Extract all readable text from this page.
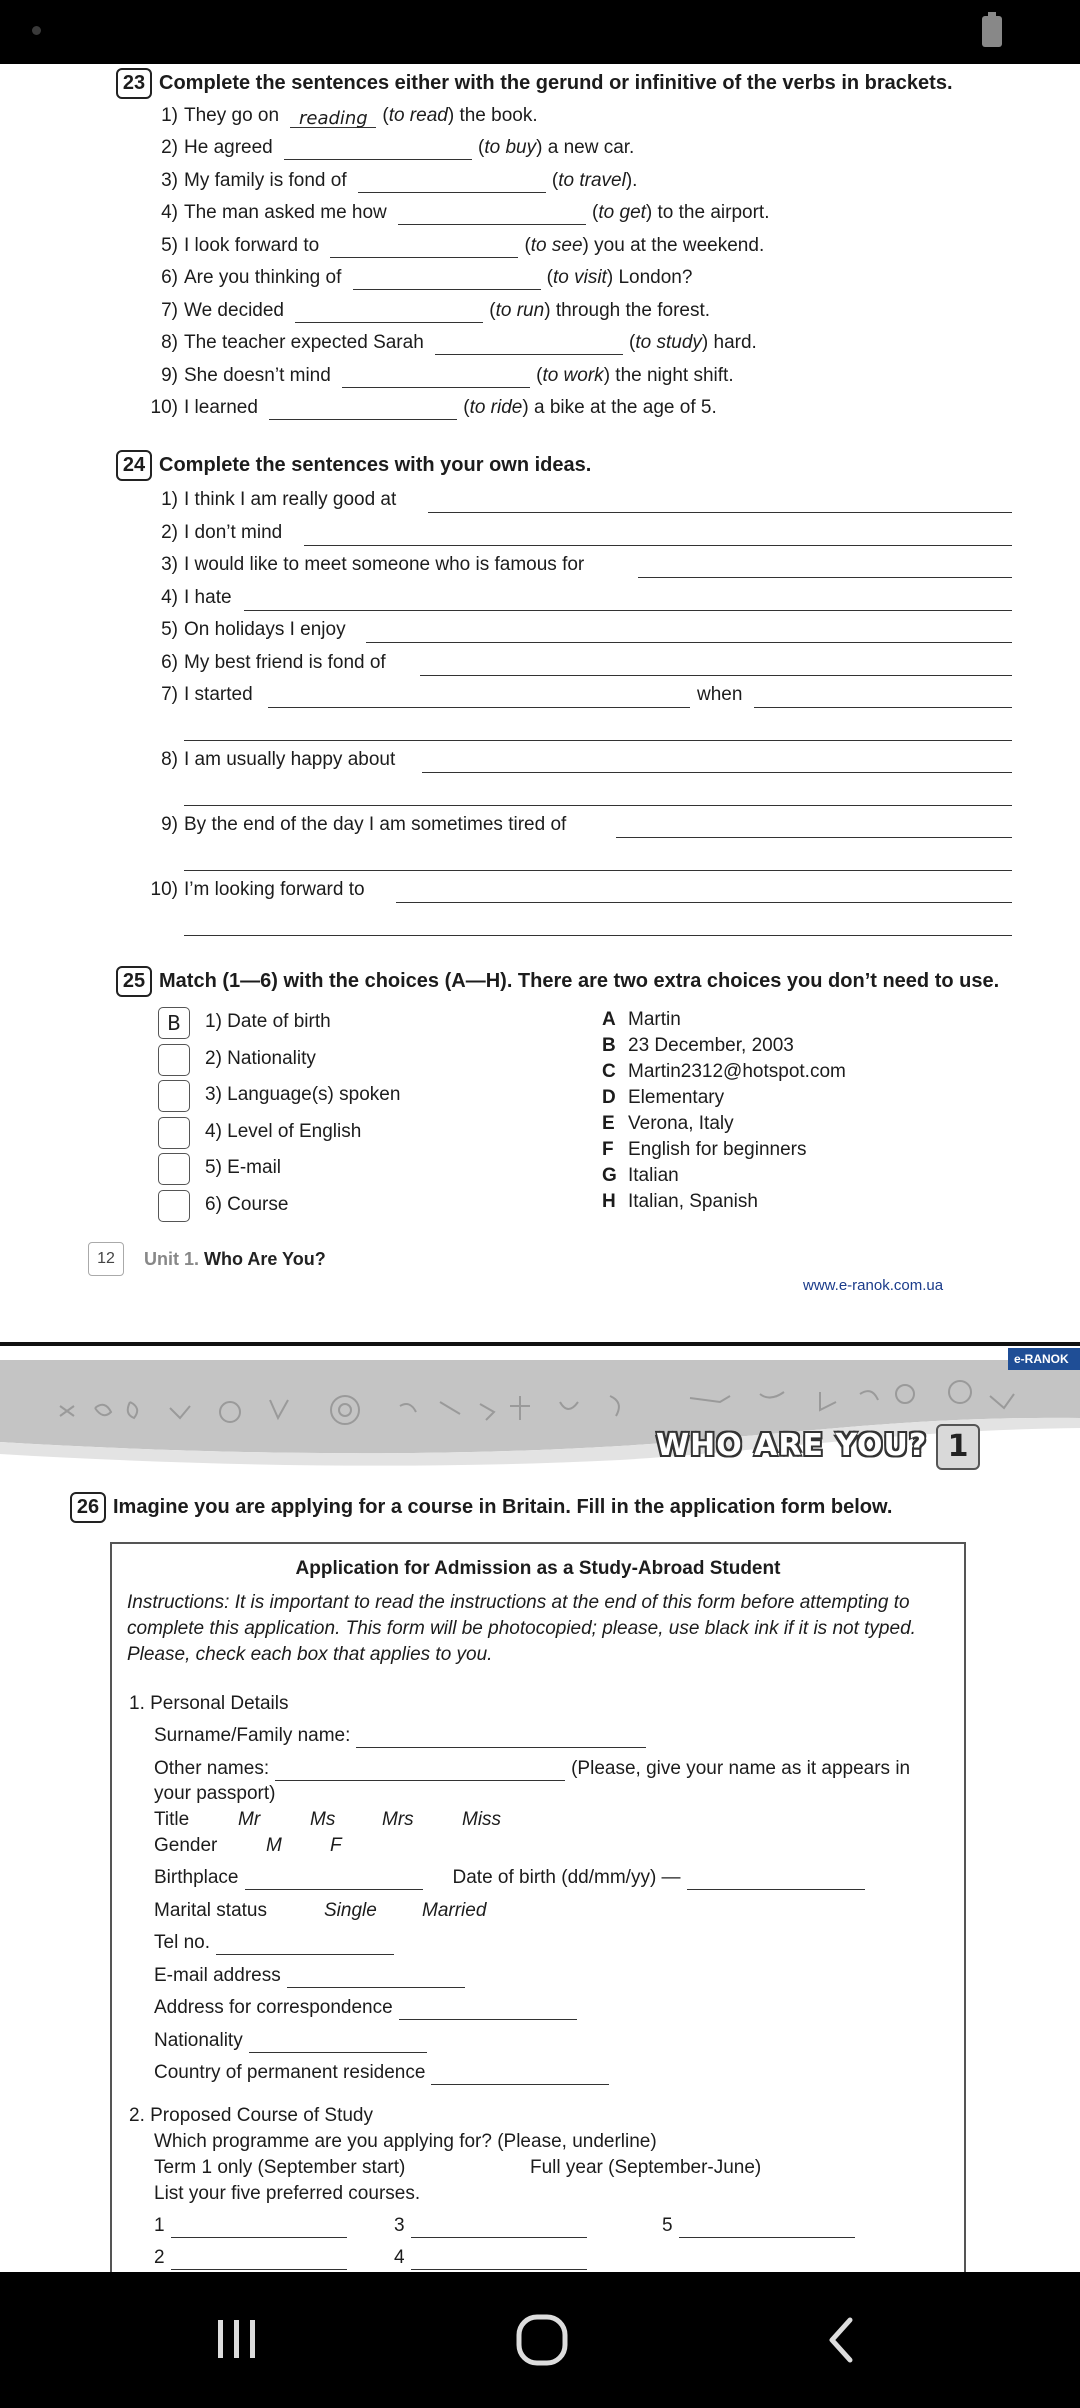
23 Complete the sentences either with the gerund or infinitive of the verbs in brackets.
1) They go on reading (to read) the book.
2) He agreed	(to buy) a new car.
3) My family is fond of	(to travel).
4) The man asked me how	(to get) to the airport.
5) I look forward to	(to see) you at the weekend.
6) Are you thinking of	(to visit) London?
7) We decided	(to run) through the forest.
8) The teacher expected Sarah	(to study) hard.
9) She doesn’t mind	(to work) the night shift.
10) I learned	(to ride) a bike at the age of 5.
24 Complete the sentences with your own ideas.
1) I think I am really good at
2) I don’t mind
3) I would like to meet someone who is famous for
4) I hate
5) On holidays I enjoy
6) My best friend is fond of
7) I started	when
8) I am usually happy about
9) By the end of the day I am sometimes tired of
10) I’m looking forward to
25 Match (1—6) with the choices (A—H). There are two extra choices you don’t need to use.
B	1) Date of birth
2) Nationality
3) Language(s) spoken
4) Level of English
5) E-mail
6) Course
A Martin
B 23 December, 2003
C Martin2312@hotspot.com
D Elementary
E Verona, Italy
F English for beginners
G Italian
H Italian, Spanish
12	Unit 1. Who Are You?
www.e-ranok.com.ua
e-RANOK
WHO ARE YOU? 1
26 Imagine you are applying for a course in Britain. Fill in the application form below.
Application for Admission as a Study-Abroad Student
Instructions: It is important to read the instructions at the end of this form before attempting to complete this application. This form will be photocopied; please, use black ink if it is not typed. Please, check each box that applies to you.
1. Personal Details
Surname/Family name:
Other names:	(Please, give your name as it appears in
your passport)
Title	Mr	Ms Mrs	Miss
Gender	M	F
Birthplace	Date of birth (dd/mm/yy) —
Marital status	Single Married
Tel no.
E-mail address
Address for correspondence
Nationality
Country of permanent residence
2. Proposed Course of Study
Which programme are you applying for? (Please, underline)
Term 1 only (September start)	Full year (September-June)
List your five preferred courses.
1	3	5
2	4
